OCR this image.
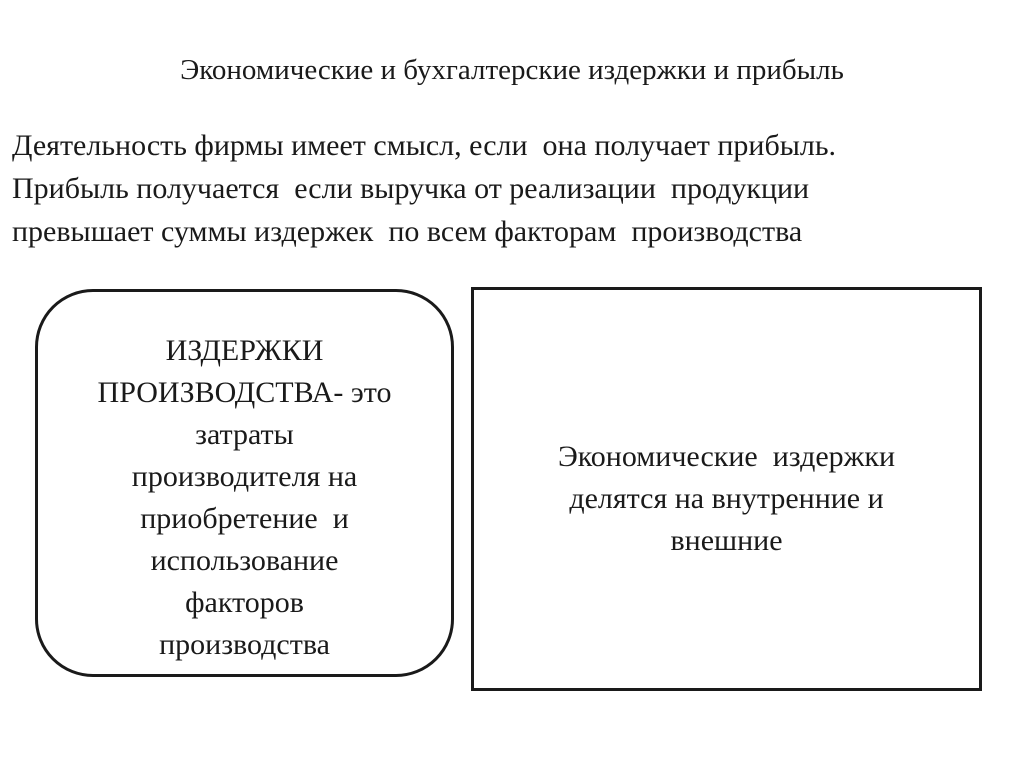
Экономические и бухгалтерские издержки и прибыль
Деятельность фирмы имеет смысл, если  она получает прибыль.
Прибыль получается  если выручка от реализации  продукции
превышает суммы издержек  по всем факторам  производства
ИЗДЕРЖКИ
ПРОИЗВОДСТВА- это
затраты
производителя на
приобретение  и
использование
факторов
производства
Экономические  издержки
делятся на внутренние и
внешние
